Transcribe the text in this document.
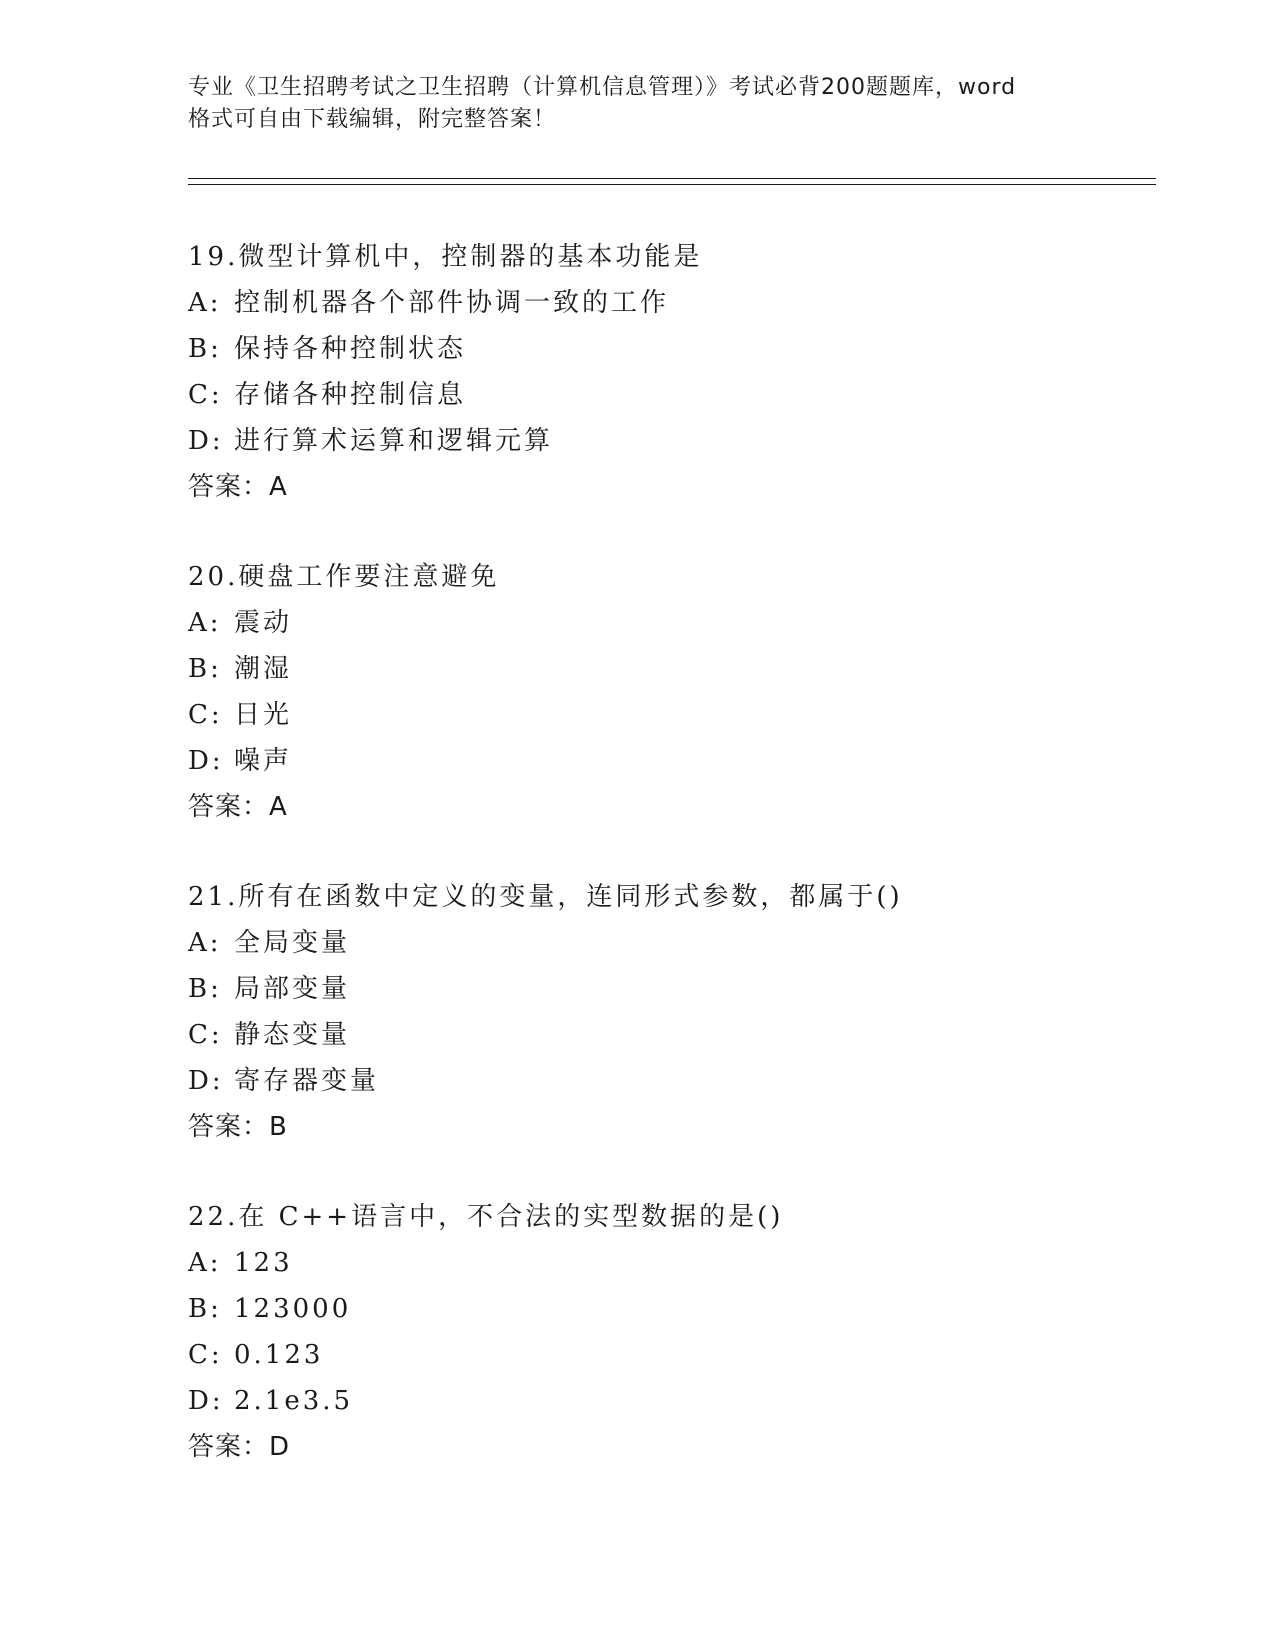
专业《卫生招聘考试之卫生招聘（计算机信息管理）》考试必背200题题库，word
格式可自由下载编辑，附完整答案！
19.微型计算机中，控制器的基本功能是
A: 控制机器各个部件协调一致的工作
B: 保持各种控制状态
C: 存储各种控制信息
D: 进行算术运算和逻辑元算
答案：A
20.硬盘工作要注意避免
A: 震动
B: 潮湿
C: 日光
D: 噪声
答案：A
21.所有在函数中定义的变量，连同形式参数，都属于()
A: 全局变量
B: 局部变量
C: 静态变量
D: 寄存器变量
答案：B
22.在 C++语言中，不合法的实型数据的是()
A: 123
B: 123000
C: 0.123
D: 2.1e3.5
答案：D
